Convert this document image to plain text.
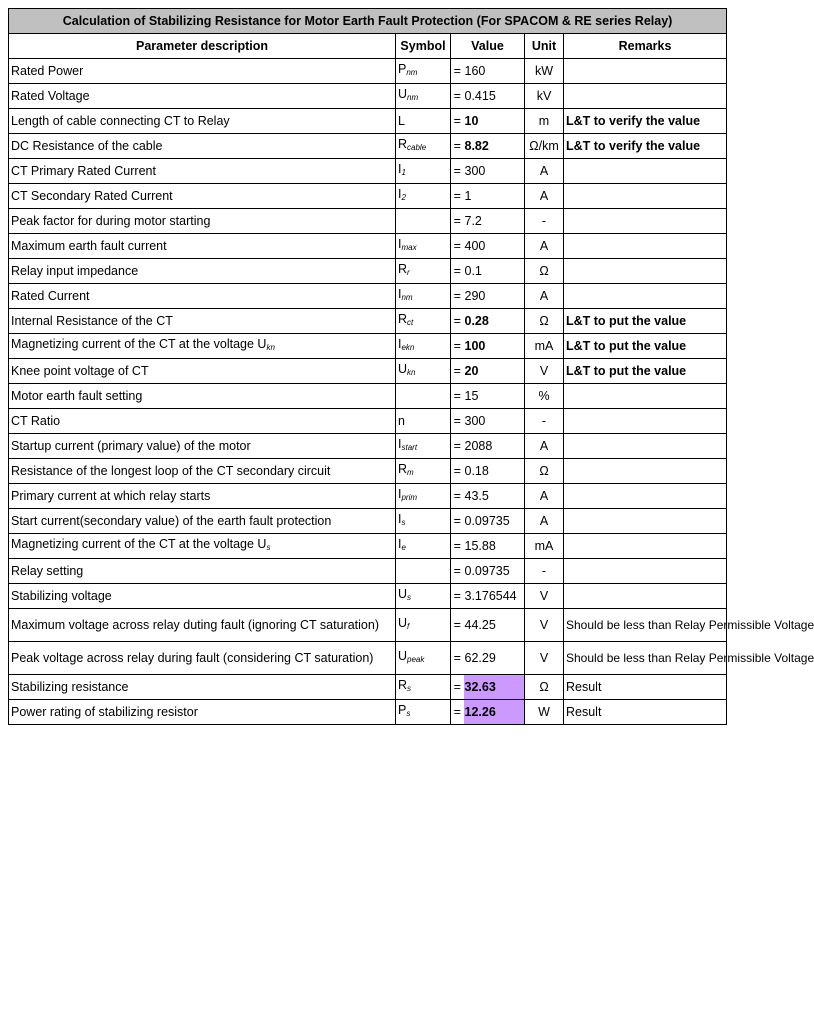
Calculation of Stabilizing Resistance for Motor Earth Fault Protection (For SPACOM & RE series Relay)					
Parameter description	Symbol	Value		Unit	Remarks
Rated Power	$P_{nm}$	=	160	kW	
Rated Voltage	$U_{nm}$	=	0.415	kV	
Length of cable connecting CT to Relay	L	=	10	m	L&T to verify the value
DC Resistance of the cable	$R_{cable}$	=	8.82	Ω/km	L&T to verify the value
CT Primary Rated Current	$I_1$	=	300	A	
CT Secondary Rated Current	$I_2$	=	1	A	
Peak factor for during motor starting		=	7.2	-	
Maximum earth fault current	$I_{max}$	=	400	A	
Relay input impedance	$R_r$	=	0.1	Ω	
Rated Current	$I_{nm}$	=	290	A	
Internal Resistance of the CT	$R_{ct}$	=	0.28	Ω	L&T to put the value
Magnetizing current of the CT at the voltage $U_{kn}$	$I_{ekn}$	=	100	mA	L&T to put the value
Knee point voltage of CT	$U_{kn}$	=	20	V	L&T to put the value
Motor earth fault setting		=	15	%	
CT Ratio	n	=	300	-	
Startup current (primary value) of the motor	$I_{start}$	=	2088	A	
Resistance of the longest loop of the CT secondary circuit	$R_m$	=	0.18	Ω	
Primary current at which relay starts	$I_{prim}$	=	43.5	A	
Start current(secondary value) of the earth fault protection	$I_s$	=	0.09735	A	
Magnetizing current of the CT at the voltage $U_s$	$I_e$	=	15.88	mA	
Relay setting		=	0.09735	-	
Stabilizing voltage	$U_s$	=	3.176544	V	
Maximum voltage across relay duting fault (ignoring CT saturation)	$U_f$	=	44.25	V	Should be less than Relay Permissible Voltage
Peak voltage across relay during fault (considering CT saturation)	$U_{peak}$	=	62.29	V	Should be less than Relay Permissible Voltage
Stabilizing resistance	$R_s$	=	32.63	Ω	Result
Power rating of stabilizing resistor	$P_s$	=	12.26	W	Result
